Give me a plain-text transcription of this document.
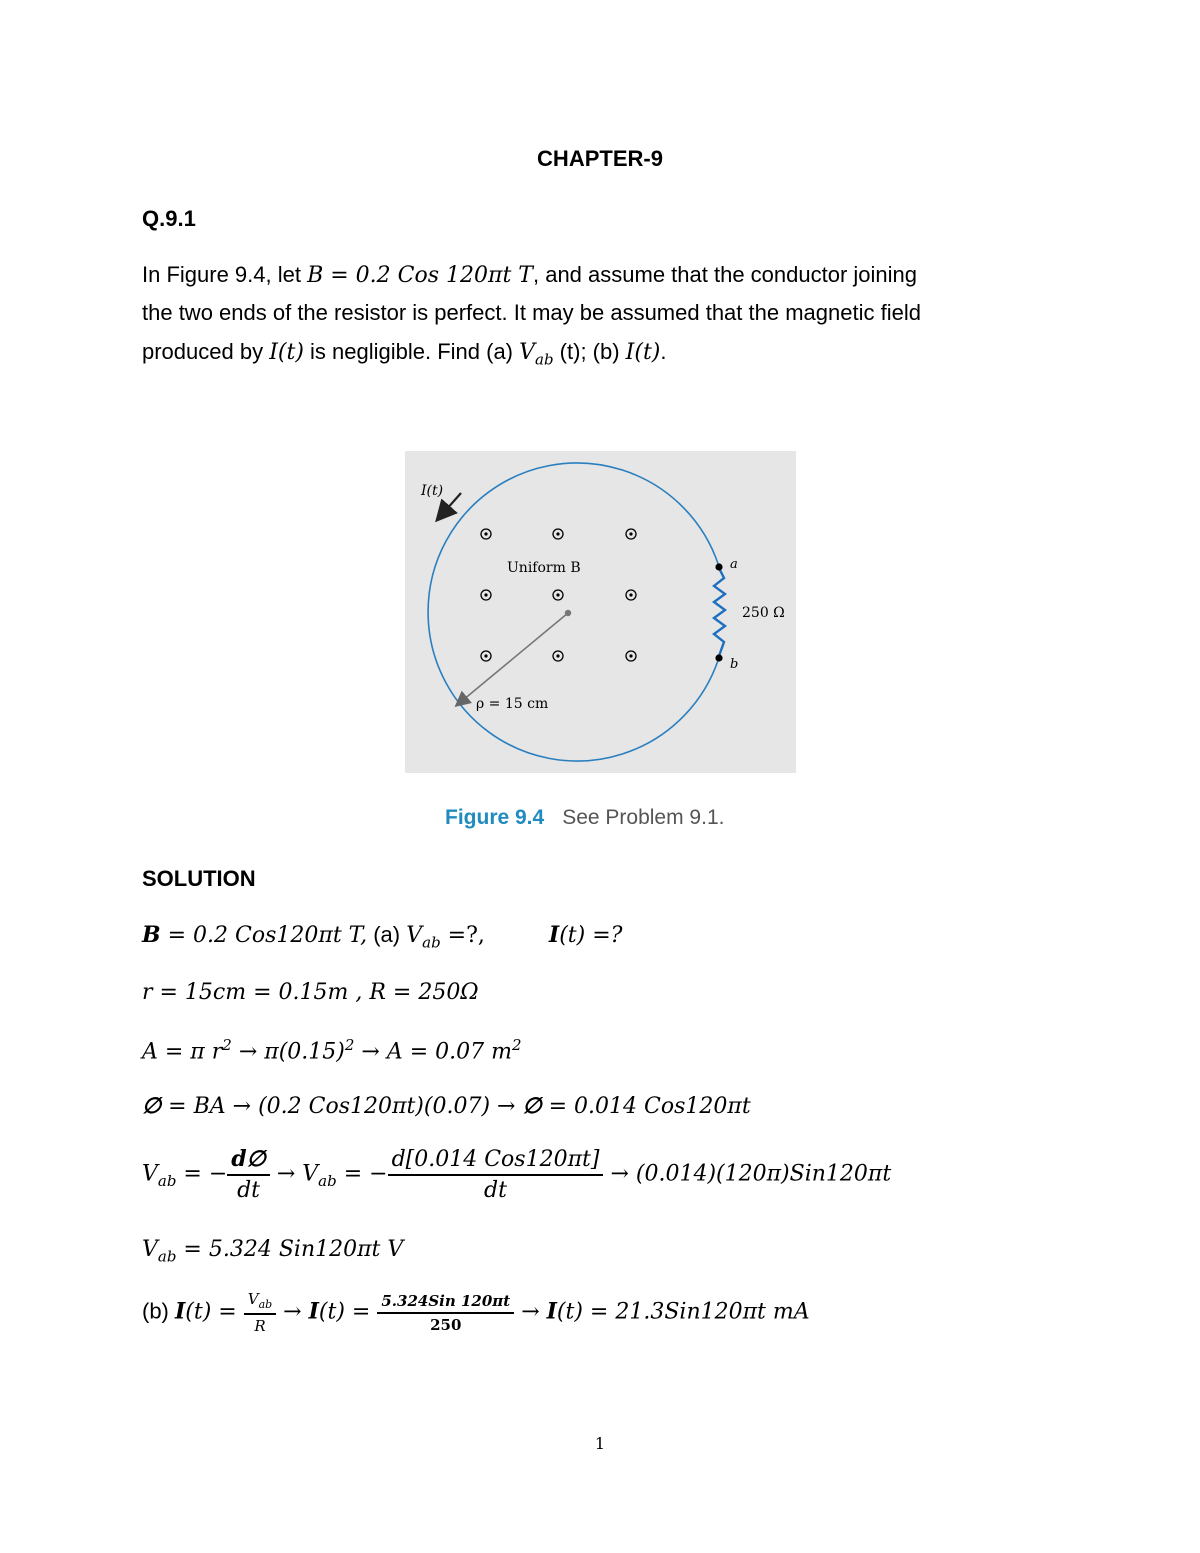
CHAPTER-9
Q.9.1
In Figure 9.4, let B = 0.2 Cos 120πt T, and assume that the conductor joining
the two ends of the resistor is perfect. It may be assumed that the magnetic field
produced by I(t) is negligible. Find (a) $V_{ab}$ (t); (b) I(t).
I(t)
Uniform B	a
b
250 Ω
ρ = 15 cm
Figure 9.4 See Problem 9.1.
SOLUTION
B = 0.2 Cos120πt T, (a) $V_{ab}$ =?,	I(t) =?
r = 15cm = 0.15m , R = 250Ω
A = π $r^2 \to \pi(0.15)^2 \to A = 0.07$ $m^2$
∅ = BA → (0.2 Cos120πt)(0.07) → ∅ = 0.014 Cos120πt
$V_{ab}$ = − $\frac{d\emptyset}{dt} \to V_{ab}$ = − $\frac{\text{d[0.014 Cos120πt]}}{dt} \to (0.014)(120\pi)Sin120\pi t$
$V_{ab} = 5.324$ Sin120πt V
(b) $I(t) = \frac{V_{ab}}{R} \to I(t) = \frac{\text{5.324Sin 120πt}}{250} \to I(t) = 21.3Sin120\pi t$ mA
1
